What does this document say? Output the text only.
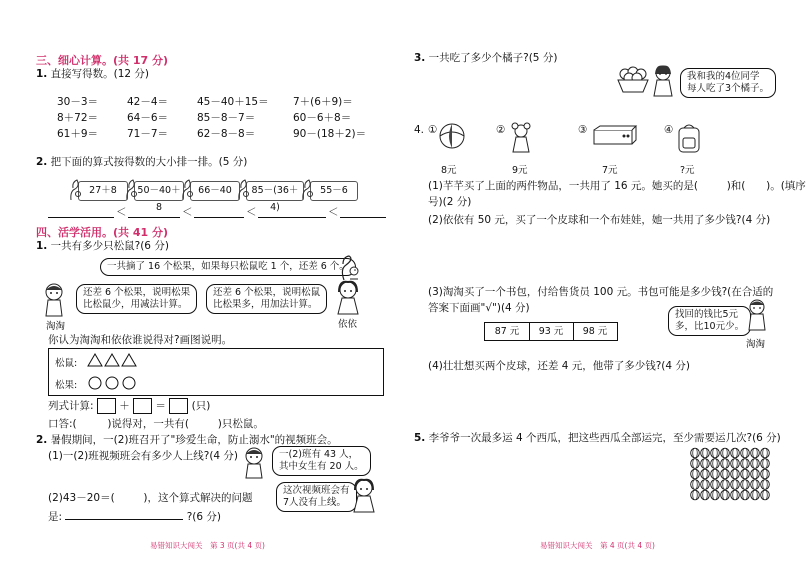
三、细心计算。(共 17 分)
1. 直接写得数。(12 分)
30－3＝	42－4＝	45－40＋15＝ 7＋(6＋9)＝
8＋72＝	64－6＝	85－8－7＝	60－6＋8＝
61＋9＝	71－7＝	62－8－8＝	90－(18＋2)＝
2. 把下面的算式按得数的大小排一排。(5 分)
27＋8	50－40＋8
66－40	85－(36＋4)
55－6
＜	＜	＜	＜
四、活学活用。(共 41 分)
1. 一共有多少只松鼠?(6 分)
一共摘了 16 个松果，如果每只松鼠吃 1 个，还差 6 个。
淘淘
还差 6 个松果，说明松果
比松鼠少，用减法计算。
还差 6 个松果，说明松鼠
比松果多，用加法计算。
依依
你认为淘淘和依依谁说得对?画图说明。
松鼠:
松果:
列式计算: ＋ ＝ (只)
口答:(	)说得对，一共有(	)只松鼠。
2. 暑假期间，一(2)班召开了"珍爱生命，防止溺水"的视频班会。
(1)一(2)班视频班会有多少人上线?(4 分)	一(2)班有 43 人，
其中女生有 20 人。
这次视频班会有
7人没有上线。
(2)43－20＝(	)，这个算式解决的问题
是:	?(6 分)
易错知识大闯关　第 3 页(共 4 页)
3. 一共吃了多少个橘子?(5 分)
我和我的4位同学
每人吃了3个橘子。
4. ①
8元
②
9元
③
7元
④
?元
(1)芊芊买了上面的两件物品，一共用了 16 元。她买的是(	)和( )。(填序
号)(2 分)
(2)依依有 50 元，买了一个皮球和一个布娃娃，她一共用了多少钱?(4 分)
(3)淘淘买了一个书包，付给售货员 100 元。书包可能是多少钱?(在合适的
答案下面画"√")(4 分)
87 元	93 元	98 元
找回的钱比5元
多，比10元少。
淘淘
(4)壮壮想买两个皮球，还差 4 元，他带了多少钱?(4 分)
5. 李爷爷一次最多运 4 个西瓜，把这些西瓜全部运完，至少需要运几次?(6 分)
易错知识大闯关　第 4 页(共 4 页)
